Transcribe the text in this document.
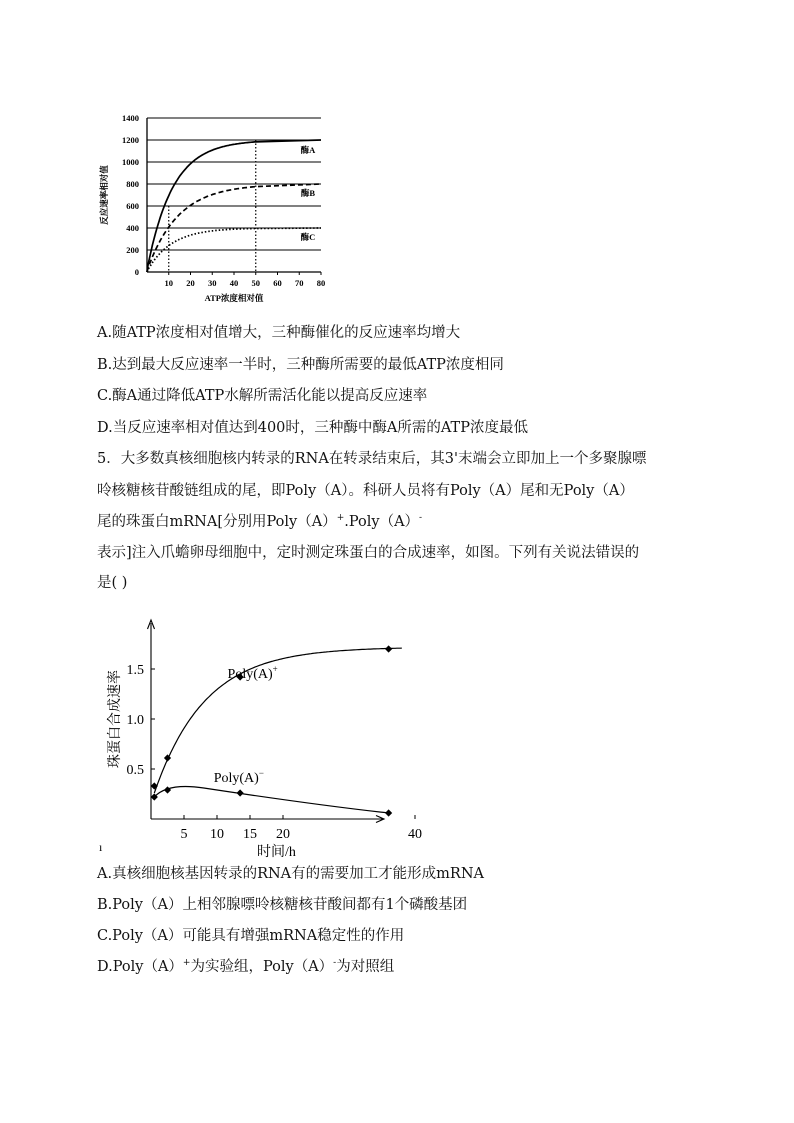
0
200
400
600
800
1000
1200
1400
10 20 30 40 50 60 70 80
ATP浓度相对值
反应速率相对值
酶A
酶B
酶C
A.随ATP浓度相对值增大，三种酶催化的反应速率均增大
B.达到最大反应速率一半时，三种酶所需要的最低ATP浓度相同
C.酶A通过降低ATP水解所需活化能以提高反应速率
D.当反应速率相对值达到400时，三种酶中酶A所需的ATP浓度最低
5．大多数真核细胞核内转录的RNA在转录结束后，其3'末端会立即加上一个多聚腺嘌
呤核糖核苷酸链组成的尾，即Poly（A）。科研人员将有Poly（A）尾和无Poly（A）
尾的珠蛋白mRNA[分别用Poly（A）+.Poly（A）-
表示]注入爪蟾卵母细胞中，定时测定珠蛋白的合成速率，如图。下列有关说法错误的
是( )
0.5
1.0
1.5
5 10 15 20	40
时间/h
珠蛋白合成速率
ı
Poly(A)+
Poly(A)−
A.真核细胞核基因转录的RNA有的需要加工才能形成mRNA
B.Poly（A）上相邻腺嘌呤核糖核苷酸间都有1个磷酸基团
C.Poly（A）可能具有增强mRNA稳定性的作用
D.Poly（A）+为实验组，Poly（A）-为对照组
